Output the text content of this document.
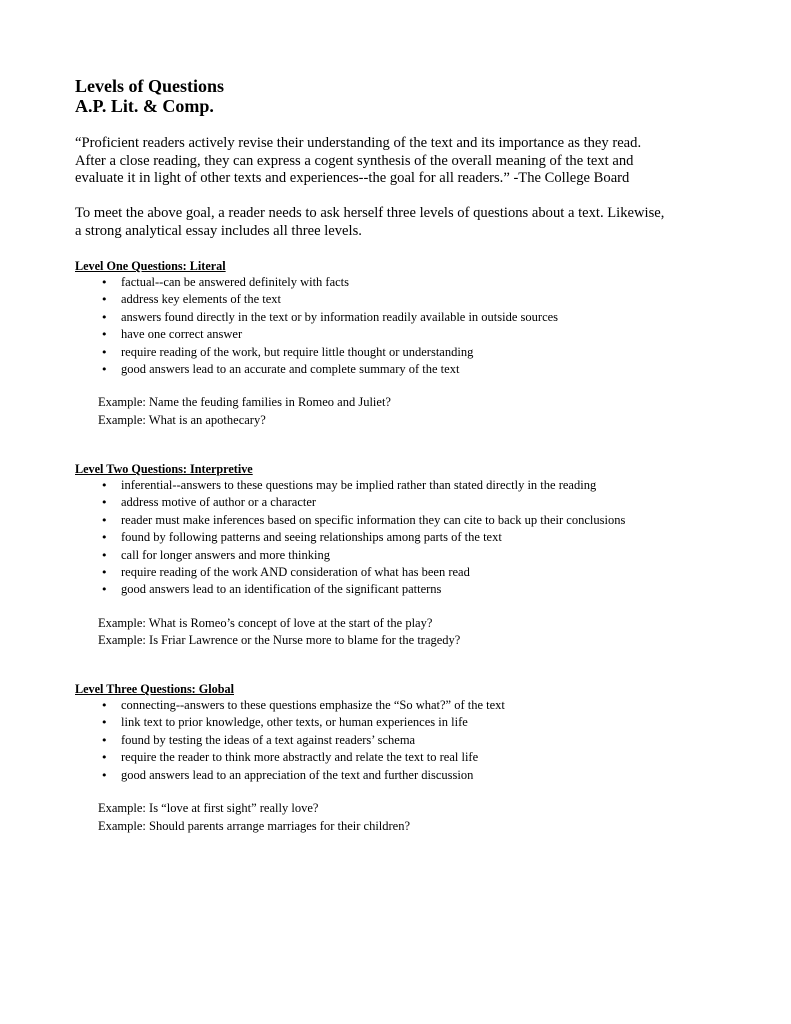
Levels of Questions
A.P. Lit. & Comp.

“Proficient readers actively revise their understanding of the text and its importance as they read.
After a close reading, they can express a cogent synthesis of the overall meaning of the text and
evaluate it in light of other texts and experiences--the goal for all readers.” -The College Board

To meet the above goal, a reader needs to ask herself three levels of questions about a text. Likewise,
a strong analytical essay includes all three levels.

Level One Questions: Literal

• factual--can be answered definitely with facts
• address key elements of the text
• answers found directly in the text or by information readily available in outside sources
• have one correct answer
• require reading of the work, but require little thought or understanding
• good answers lead to an accurate and complete summary of the text
Example: Name the feuding families in Romeo and Juliet?
Example: What is an apothecary?

Level Two Questions: Interpretive

• inferential--answers to these questions may be implied rather than stated directly in the reading
• address motive of author or a character
• reader must make inferences based on specific information they can cite to back up their conclusions
• found by following patterns and seeing relationships among parts of the text
• call for longer answers and more thinking
• require reading of the work AND consideration of what has been read
• good answers lead to an identification of the significant patterns
Example: What is Romeo’s concept of love at the start of the play?
Example: Is Friar Lawrence or the Nurse more to blame for the tragedy?

Level Three Questions: Global

• connecting--answers to these questions emphasize the “So what?” of the text
• link text to prior knowledge, other texts, or human experiences in life
• found by testing the ideas of a text against readers’ schema
• require the reader to think more abstractly and relate the text to real life
• good answers lead to an appreciation of the text and further discussion
Example: Is “love at first sight” really love?
Example: Should parents arrange marriages for their children?
